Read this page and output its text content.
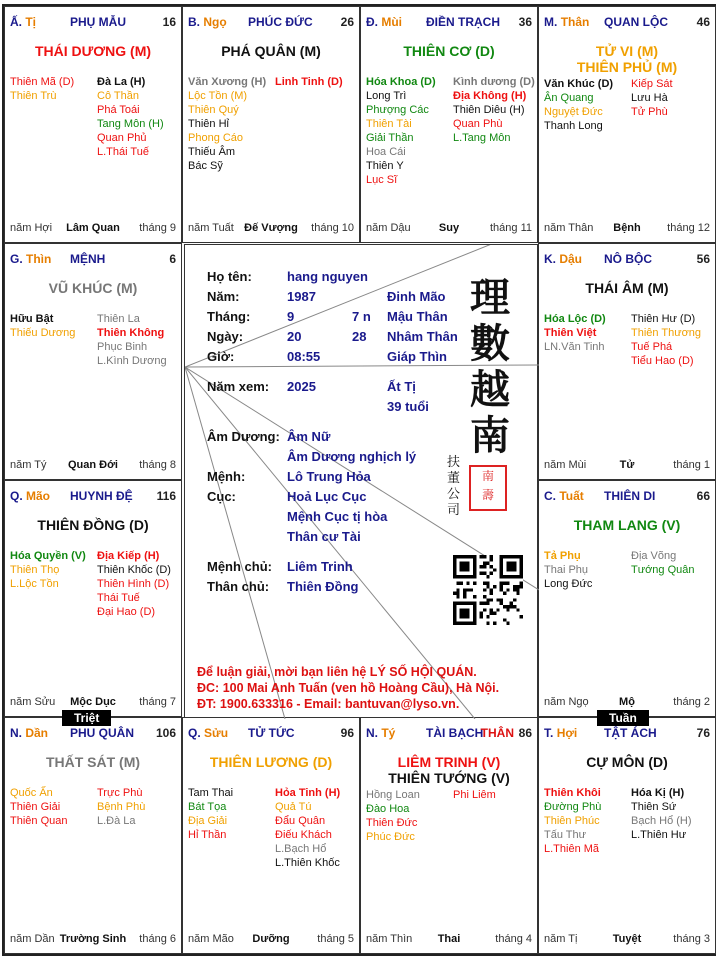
Ấ. Tị	PHỤ MẪU	16
THÁI DƯƠNG (M)
Thiên Mã (D)
Thiên Trù
Đà La (H)
Cô Thần
Phá Toái
Tang Môn (H)
Quan Phủ
L.Thái Tuế
năm Hợi	Lâm Quan	tháng 9
B. Ngọ PHÚC ĐỨC 26
PHÁ QUÂN (M)
Văn Xương (H)
Lộc Tồn (M)
Thiên Quý
Thiên Hỉ
Phong Cáo
Thiếu Âm
Bác Sỹ
Linh Tinh (D)
năm Tuất Đế Vượng	tháng 10
Đ. Mùi ĐIỀN TRẠCH 36
THIÊN CƠ (D)
Hóa Khoa (D)
Long Trì
Phượng Các
Thiên Tài
Giải Thần
Hoa Cái
Thiên Y
Lục Sĩ
Kình dương (D)
Địa Không (H)
Thiên Diêu (H)
Quan Phù
L.Tang Môn
năm Dậu	Suy	tháng 11
M. Thân QUAN LỘC 46
TỬ VI (M)
THIÊN PHỦ (M)
Văn Khúc (D)
Ân Quang
Nguyệt Đức
Thanh Long
Kiếp Sát
Lưu Hà
Tử Phù
năm Thân	Bệnh	tháng 12
G. Thìn MỆNH	6
VŨ KHÚC (M)
Hữu Bật
Thiếu Dương
Thiên La
Thiên Không
Phục Binh
L.Kình Dương
năm Tý	Quan Đới	tháng 8
K. Dậu NÔ BỘC	56
THÁI ÂM (M)
Hóa Lộc (D)
Thiên Việt
LN.Văn Tinh
Thiên Hư (D)
Thiên Thương
Tuế Phá
Tiểu Hao (D)
năm Mùi	Tử	tháng 1
Q. Mão HUYNH ĐỆ 116
THIÊN ĐỒNG (D)
Hóa Quyền (V)
Thiên Thọ
L.Lộc Tồn
Địa Kiếp (H)
Thiên Khốc (D)
Thiên Hình (D)
Thái Tuế
Đại Hao (D)
năm Sửu	Mộc Dục	tháng 7
C. Tuất THIÊN DI	66
THAM LANG (V)
Tả Phụ
Thai Phụ
Long Đức
Địa Võng
Tướng Quân
năm Ngọ	Mộ	tháng 2
N. Dần PHU QUÂN 106
THẤT SÁT (M)
Quốc Ấn
Thiên Giải
Thiên Quan
Trực Phù
Bệnh Phù
L.Đà La
năm Dần Trường Sinh	tháng 6
Q. Sửu TỬ TỨC	96
THIÊN LƯƠNG (D)
Tam Thai
Bát Tọa
Địa Giải
Hỉ Thần
Hỏa Tinh (H)
Quả Tú
Đẩu Quân
Điếu Khách
L.Bạch Hổ
L.Thiên Khốc
năm Mão	Dưỡng	tháng 5
N. Tý	TÀI BẠCH
THÂN 86
LIÊM TRINH (V)
THIÊN TƯỚNG (V)
Hồng Loan
Đào Hoa
Thiên Đức
Phúc Đức
Phi Liêm
năm Thìn	Thai	tháng 4
T. Hợi TẬT ÁCH	76
CỰ MÔN (D)
Thiên Khôi
Đường Phù
Thiên Phúc
Tấu Thư
L.Thiên Mã
Hóa Kị (H)
Thiên Sứ
Bạch Hổ (H)
L.Thiên Hư
năm Tị	Tuyệt	tháng 3
Họ tên:	hang nguyen
Năm:	1987	Đinh Mão
Tháng:	9	7 n Mậu Thân
Ngày:	20	28 Nhâm Thân
Giờ:	08:55	Giáp Thìn
Năm xem: 2025	Ất Tị
39 tuổi
Âm Dương: Âm Nữ
Âm Dương nghịch lý
Mệnh:	Lô Trung Hỏa
Cục:	Hoả Lục Cục
Mệnh Cục tị hòa
Thân cư Tài
Mệnh chủ: Liêm Trinh
Thân chủ: Thiên Đồng
理
數
越
南
扶
董
公
司
南
壽
Để luận giải, mời bạn liên hệ LÝ SỐ HỘI QUÁN.
ĐC: 100 Mai Anh Tuấn (ven hồ Hoàng Cầu), Hà Nội.
ĐT: 1900.633316 - Email: bantuvan@lyso.vn.
Triệt	Tuần
